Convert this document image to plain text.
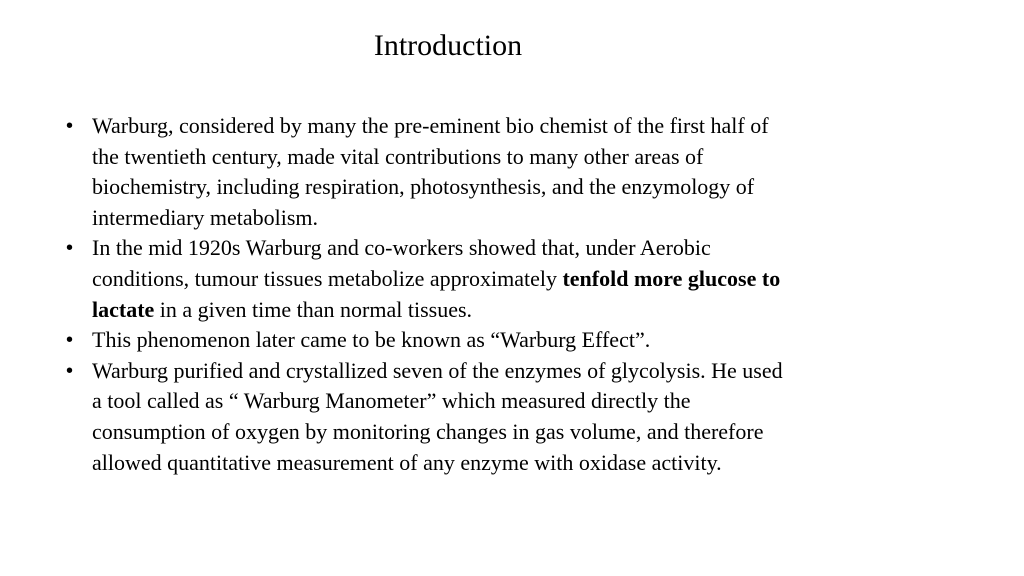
Introduction
• Warburg, considered by many the pre-eminent bio chemist of the first half of
the twentieth century, made vital contributions to many other areas of
biochemistry, including respiration, photosynthesis, and the enzymology of
intermediary metabolism.
• In the mid 1920s Warburg and co-workers showed that, under Aerobic
conditions, tumour tissues metabolize approximately tenfold more glucose to
lactate in a given time than normal tissues.
• This phenomenon later came to be known as “Warburg Effect”.
• Warburg purified and crystallized seven of the enzymes of glycolysis. He used
a tool called as “ Warburg Manometer” which measured directly the
consumption of oxygen by monitoring changes in gas volume, and therefore
allowed quantitative measurement of any enzyme with oxidase activity.
